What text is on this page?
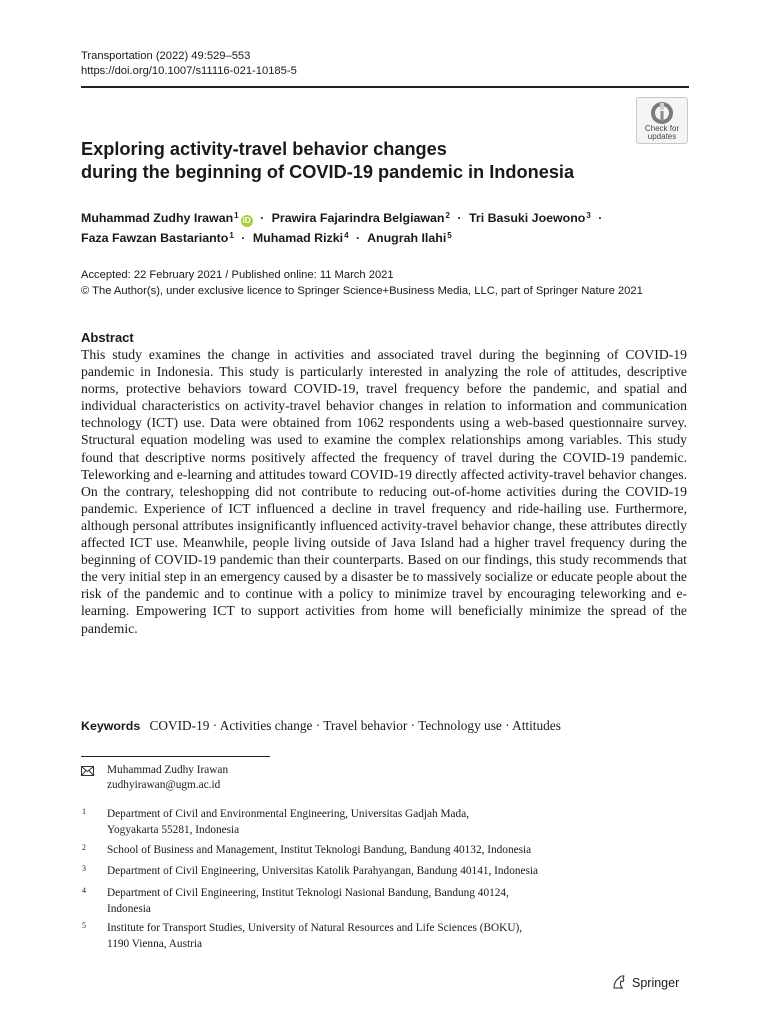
Transportation (2022) 49:529–553
https://doi.org/10.1007/s11116-021-10185-5
Check for
updates
Exploring activity-travel behavior changes
during the beginning of COVID-19 pandemic in Indonesia
Muhammad Zudhy Irawan$^1$iD · Prawira Fajarindra Belgiawan$^2$ · Tri Basuki Joewono$^3$ ·
Faza Fawzan Bastarianto$^1$ · Muhamad Rizki$^4$ · Anugrah Ilahi$^5$
Accepted: 22 February 2021 / Published online: 11 March 2021
© The Author(s), under exclusive licence to Springer Science+Business Media, LLC, part of Springer Nature 2021

Abstract

This study examines the change in activities and associated travel during the beginning of COVID-19 pandemic in Indonesia. This study is particularly interested in analyzing the role of attitudes, descriptive norms, protective behaviors toward COVID-19, travel frequency before the pandemic, and spatial and individual characteristics on activity-travel behavior changes in relation to information and communication technology (ICT) use. Data were obtained from 1062 respondents using a web-based questionnaire survey. Structural equation modeling was used to examine the complex relationships among variables. This study found that descriptive norms positively affected the frequency of travel during the COVID-19 pandemic. Teleworking and e-learning and attitudes toward COVID-19 directly affected activity-travel behavior changes. On the contrary, teleshopping did not contribute to reducing out-of-home activities during the COVID-19 pandemic. Experience of ICT influenced a decline in travel frequency and ride-hailing use. Furthermore, although personal attributes insignificantly influenced activity-travel behavior change, these attributes directly affected ICT use. Meanwhile, people living outside of Java Island had a higher travel frequency during the beginning of COVID-19 pandemic than their counterparts. Based on our findings, this study recommends that the very initial step in an emergency caused by a disaster be to massively socialize or educate people about the risk of the pandemic and to continue with a policy to minimize travel by encouraging teleworking and e-learning. Empowering ICT to support activities from home will beneficially minimize the spread of the pandemic.

Keywords COVID-19 · Activities change · Travel behavior · Technology use · Attitudes
Muhammad Zudhy Irawan
zudhyirawan@ugm.ac.id
1 Department of Civil and Environmental Engineering, Universitas Gadjah Mada,
Yogyakarta 55281, Indonesia
2 School of Business and Management, Institut Teknologi Bandung, Bandung 40132, Indonesia
3 Department of Civil Engineering, Universitas Katolik Parahyangan, Bandung 40141, Indonesia
4 Department of Civil Engineering, Institut Teknologi Nasional Bandung, Bandung 40124,
Indonesia
5 Institute for Transport Studies, University of Natural Resources and Life Sciences (BOKU),
1190 Vienna, Austria
Springer
